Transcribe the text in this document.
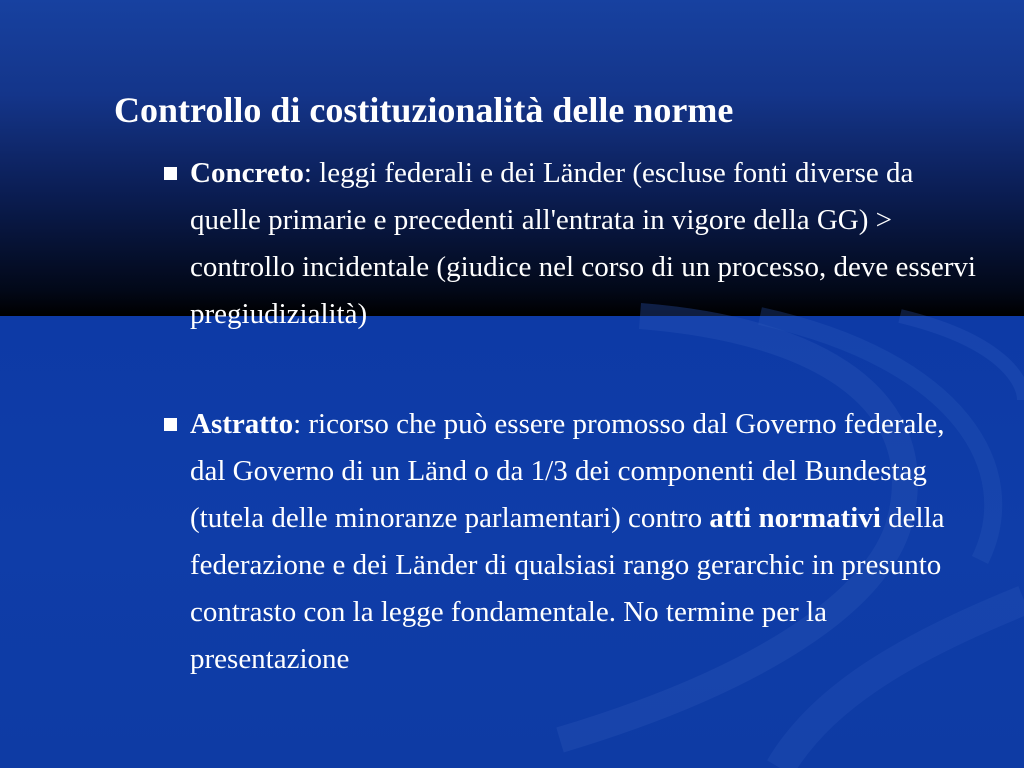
Controllo di costituzionalità delle norme
Concreto: leggi federali e dei Länder (escluse fonti diverse da quelle primarie e precedenti all'entrata in vigore della GG) > controllo incidentale (giudice nel corso di un processo, deve esservi pregiudizialità)
Astratto: ricorso che può essere promosso dal Governo federale, dal Governo di un Länd o da 1/3 dei componenti del Bundestag (tutela delle minoranze parlamentari) contro atti normativi della federazione e dei Länder di qualsiasi rango gerarchic in presunto contrasto con la legge fondamentale. No termine per la presentazione
